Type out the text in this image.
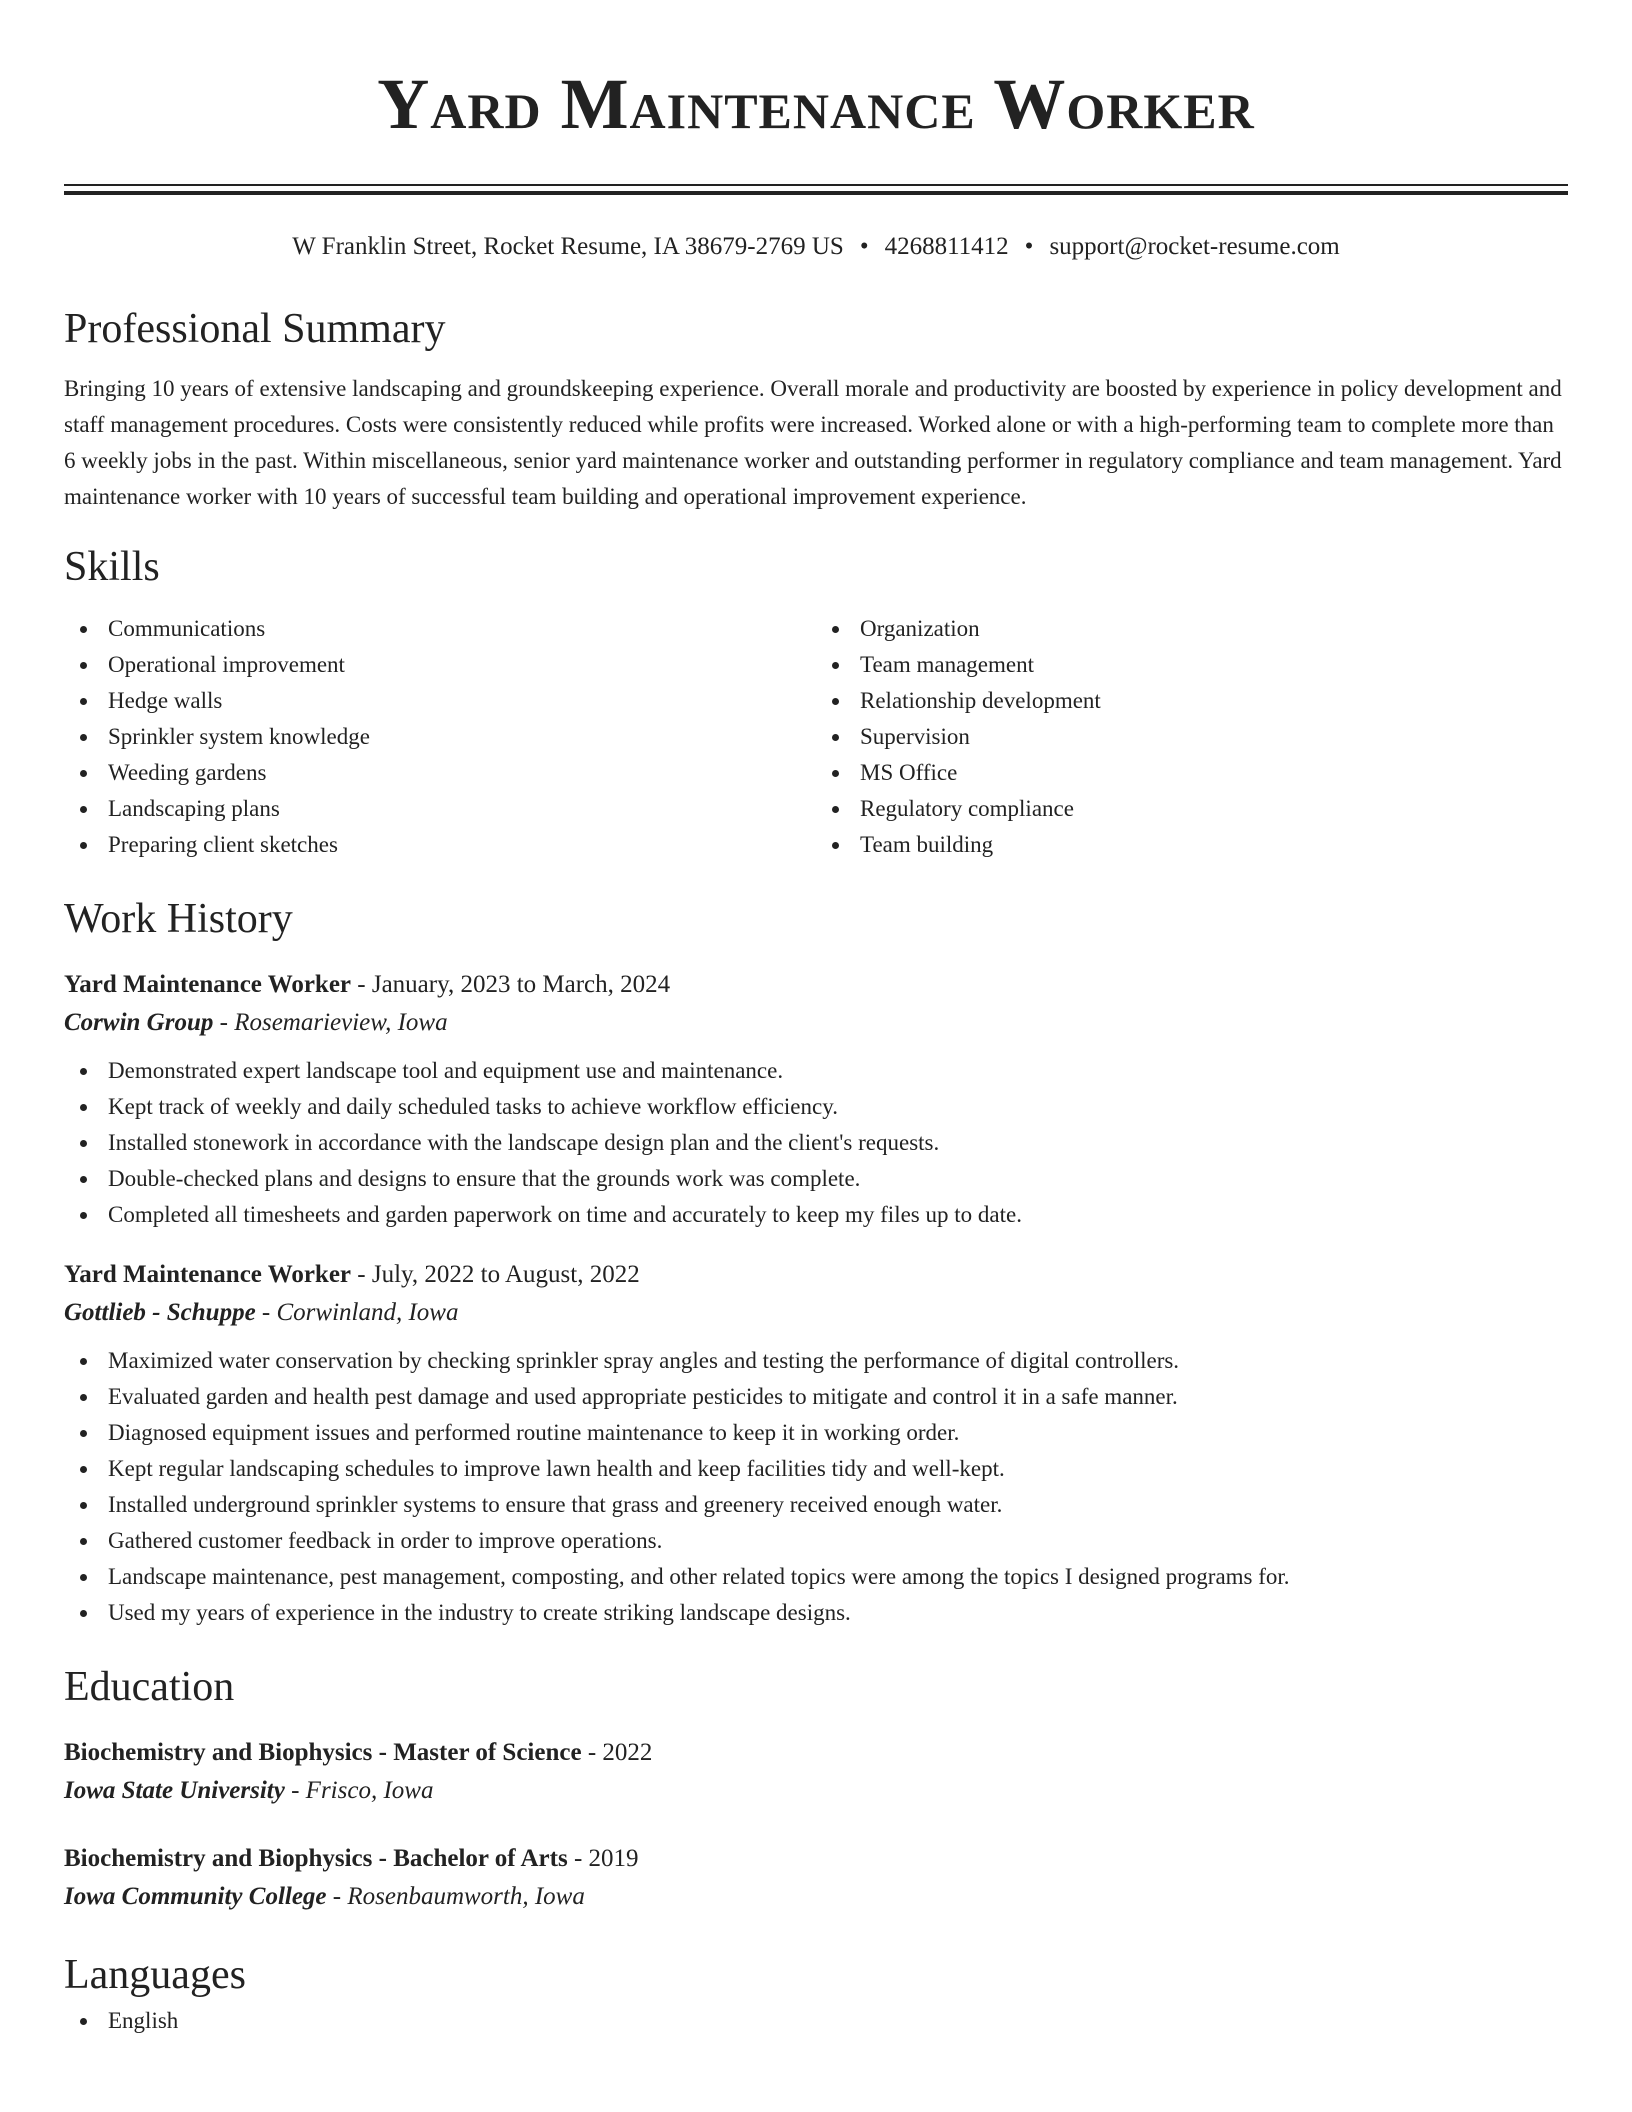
Yard Maintenance Worker
W Franklin Street, Rocket Resume, IA 38679-2769 US • 4268811412 • support@rocket-resume.com
Professional Summary

Bringing 10 years of extensive landscaping and groundskeeping experience. Overall morale and productivity are boosted by experience in policy development and staff management procedures. Costs were consistently reduced while profits were increased. Worked alone or with a high-performing team to complete more than 6 weekly jobs in the past. Within miscellaneous, senior yard maintenance worker and outstanding performer in regulatory compliance and team management. Yard maintenance worker with 10 years of successful team building and operational improvement experience.

Skills
Communications
Operational improvement
Hedge walls
Sprinkler system knowledge
Weeding gardens
Landscaping plans
Preparing client sketches
Organization
Team management
Relationship development
Supervision
MS Office
Regulatory compliance
Team building
Work History
Yard Maintenance Worker - January, 2023 to March, 2024
Corwin Group - Rosemarieview, Iowa
Demonstrated expert landscape tool and equipment use and maintenance.
Kept track of weekly and daily scheduled tasks to achieve workflow efficiency.
Installed stonework in accordance with the landscape design plan and the client's requests.
Double-checked plans and designs to ensure that the grounds work was complete.
Completed all timesheets and garden paperwork on time and accurately to keep my files up to date.
Yard Maintenance Worker - July, 2022 to August, 2022
Gottlieb - Schuppe - Corwinland, Iowa
Maximized water conservation by checking sprinkler spray angles and testing the performance of digital controllers.
Evaluated garden and health pest damage and used appropriate pesticides to mitigate and control it in a safe manner.
Diagnosed equipment issues and performed routine maintenance to keep it in working order.
Kept regular landscaping schedules to improve lawn health and keep facilities tidy and well-kept.
Installed underground sprinkler systems to ensure that grass and greenery received enough water.
Gathered customer feedback in order to improve operations.
Landscape maintenance, pest management, composting, and other related topics were among the topics I designed programs for.
Used my years of experience in the industry to create striking landscape designs.
Education
Biochemistry and Biophysics - Master of Science - 2022
Iowa State University - Frisco, Iowa
Biochemistry and Biophysics - Bachelor of Arts - 2019
Iowa Community College - Rosenbaumworth, Iowa
Languages
English
